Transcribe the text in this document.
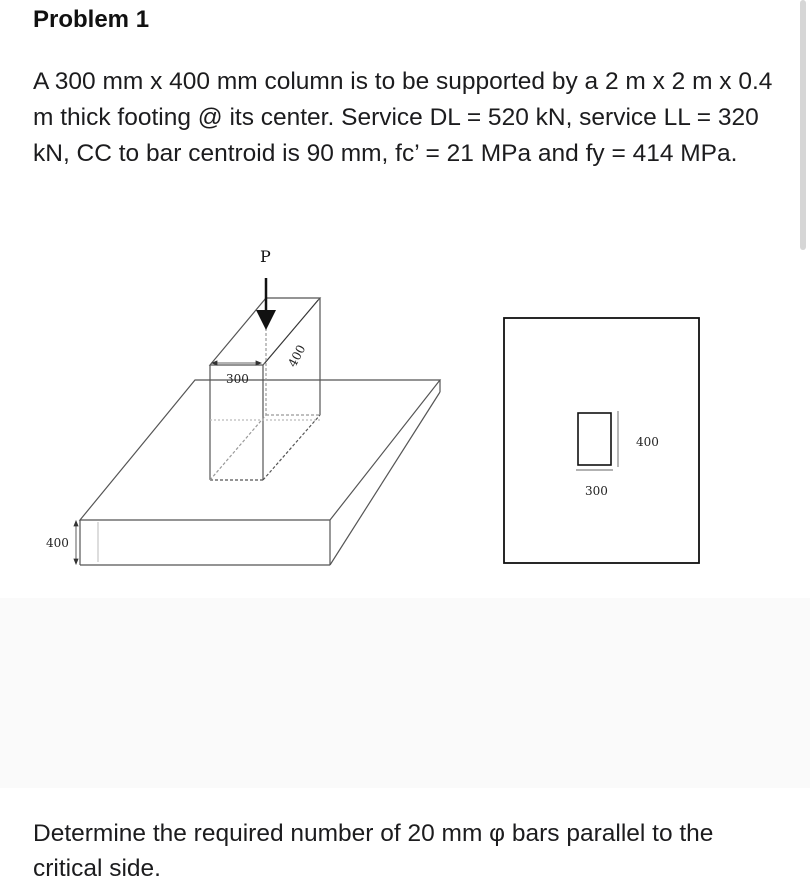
Problem 1

A 300 mm x 400 mm column is to be supported by a 2 m x 2 m x 0.4 m thick footing @ its center. Service DL = 520 kN, service LL = 320 kN, CC to bar centroid is 90 mm, fc’ = 21 MPa and fy = 414 MPa.

P
300
400
400
300
400

Determine the required number of 20 mm φ bars parallel to the critical side.
